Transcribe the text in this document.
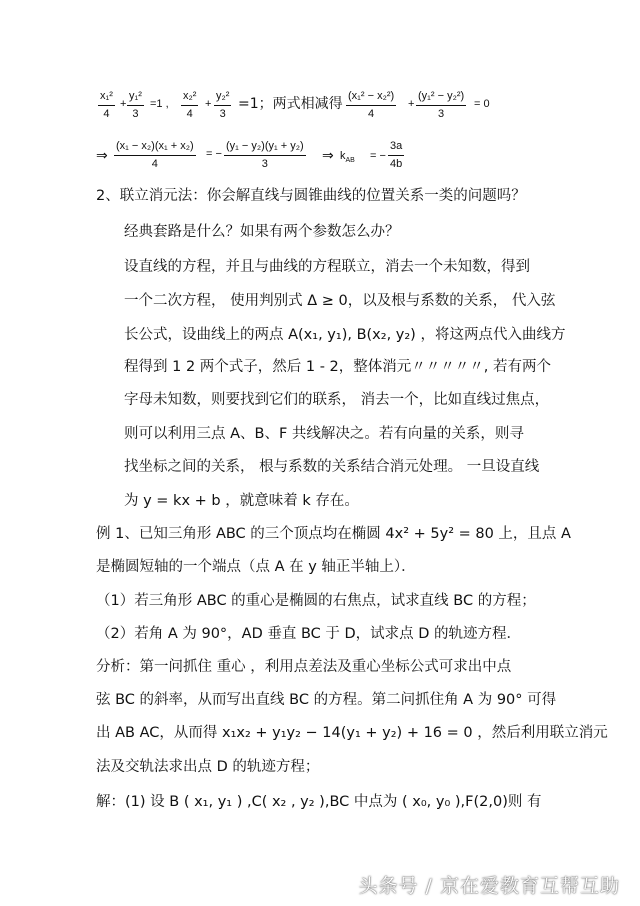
$\frac{\text{x₁²}}{4} + \frac{\text{y₁²}}{3} =1$ , $\frac{\text{x₂²}}{4} + \frac{\text{y₂²}}{3} =1$；两式相减得 $\frac{\text{(x₁² − x₂²)}}{4} + \frac{\text{(y₁² − y₂²)}}{3} = 0$
⇒ $\frac{\text{(x₁ − x₂)(x₁ + x₂)}}{4}$ = − $\frac{\text{(y₁ − y₂)(y₁ + y₂)}}{3}$ ⇒ $k_{AB}$ = − $\frac{3a}{4b}$
2、联立消元法：你会解直线与圆锥曲线的位置关系一类的问题吗？
经典套路是什么？如果有两个参数怎么办？
设直线的方程，并且与曲线的方程联立，消去一个未知数，得到
一个二次方程， 使用判别式 Δ ≥ 0，以及根与系数的关系， 代入弦
长公式，设曲线上的两点 A(x₁, y₁), B(x₂, y₂) ，将这两点代入曲线方
程得到 1 2 两个式子，然后 1 - 2，整体消元〃〃〃〃〃, 若有两个
字母未知数，则要找到它们的联系， 消去一个，比如直线过焦点，
则可以利用三点 A、B、F 共线解决之。若有向量的关系，则寻
找坐标之间的关系， 根与系数的关系结合消元处理。 一旦设直线
为 y = kx + b ，就意味着 k 存在。
例 1、已知三角形 ABC 的三个顶点均在椭圆 4x² + 5y² = 80 上，且点 A
是椭圆短轴的一个端点（点 A 在 y 轴正半轴上）．
（1）若三角形 ABC 的重心是椭圆的右焦点，试求直线 BC 的方程；
（2）若角 A 为 90°，AD 垂直 BC 于 D，试求点 D 的轨迹方程．
分析：第一问抓住 重心 ，利用点差法及重心坐标公式可求出中点
弦 BC 的斜率，从而写出直线 BC 的方程。第二问抓住角 A 为 90° 可得
出 AB AC，从而得 x₁x₂ + y₁y₂ − 14(y₁ + y₂) + 16 = 0 ，然后利用联立消元
法及交轨法求出点 D 的轨迹方程；
解：(1) 设 B ( x₁, y₁ ) ,C( x₂ , y₂ ),BC 中点为 ( x₀, y₀ ),F(2,0)则 有
头条号 / 京在爱教育互帮互助
